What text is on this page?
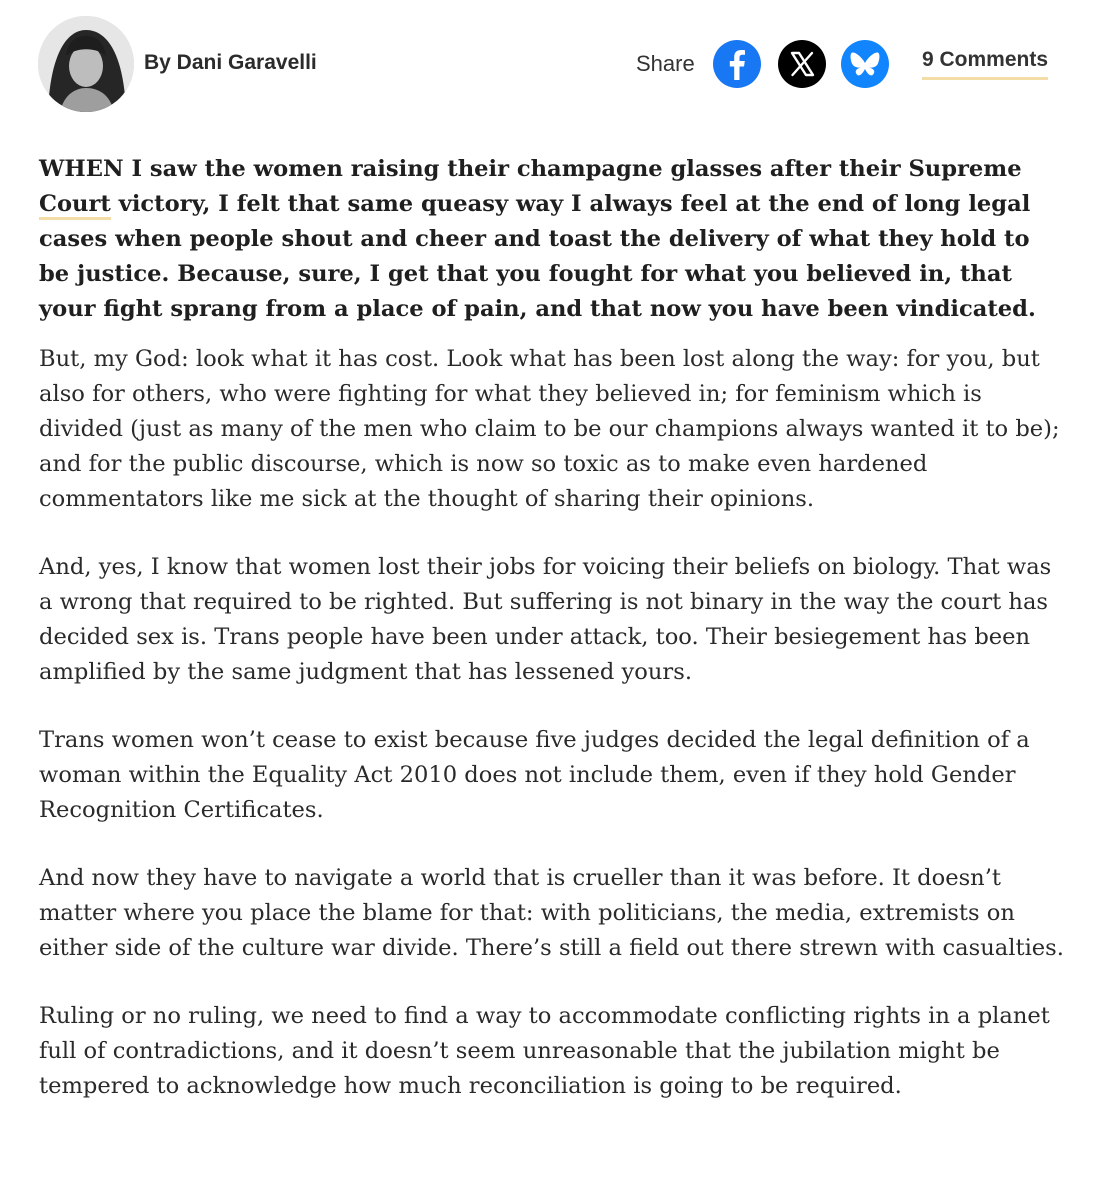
By Dani Garavelli	Share	9 Comments

WHEN I saw the women raising their champagne glasses after their Supreme Court victory, I felt that same queasy way I always feel at the end of long legal cases when people shout and cheer and toast the delivery of what they hold to be justice. Because, sure, I get that you fought for what you believed in, that your fight sprang from a place of pain, and that now you have been vindicated.

But, my God: look what it has cost. Look what has been lost along the way: for you, but also for others, who were fighting for what they believed in; for feminism which is divided (just as many of the men who claim to be our champions always wanted it to be); and for the public discourse, which is now so toxic as to make even hardened commentators like me sick at the thought of sharing their opinions.

And, yes, I know that women lost their jobs for voicing their beliefs on biology. That was a wrong that required to be righted. But suffering is not binary in the way the court has decided sex is. Trans people have been under attack, too. Their besiegement has been amplified by the same judgment that has lessened yours.

Trans women won’t cease to exist because five judges decided the legal definition of a woman within the Equality Act 2010 does not include them, even if they hold Gender Recognition Certificates.

And now they have to navigate a world that is crueller than it was before. It doesn’t matter where you place the blame for that: with politicians, the media, extremists on either side of the culture war divide. There’s still a field out there strewn with casualties.

Ruling or no ruling, we need to find a way to accommodate conflicting rights in a planet full of contradictions, and it doesn’t seem unreasonable that the jubilation might be tempered to acknowledge how much reconciliation is going to be required.
